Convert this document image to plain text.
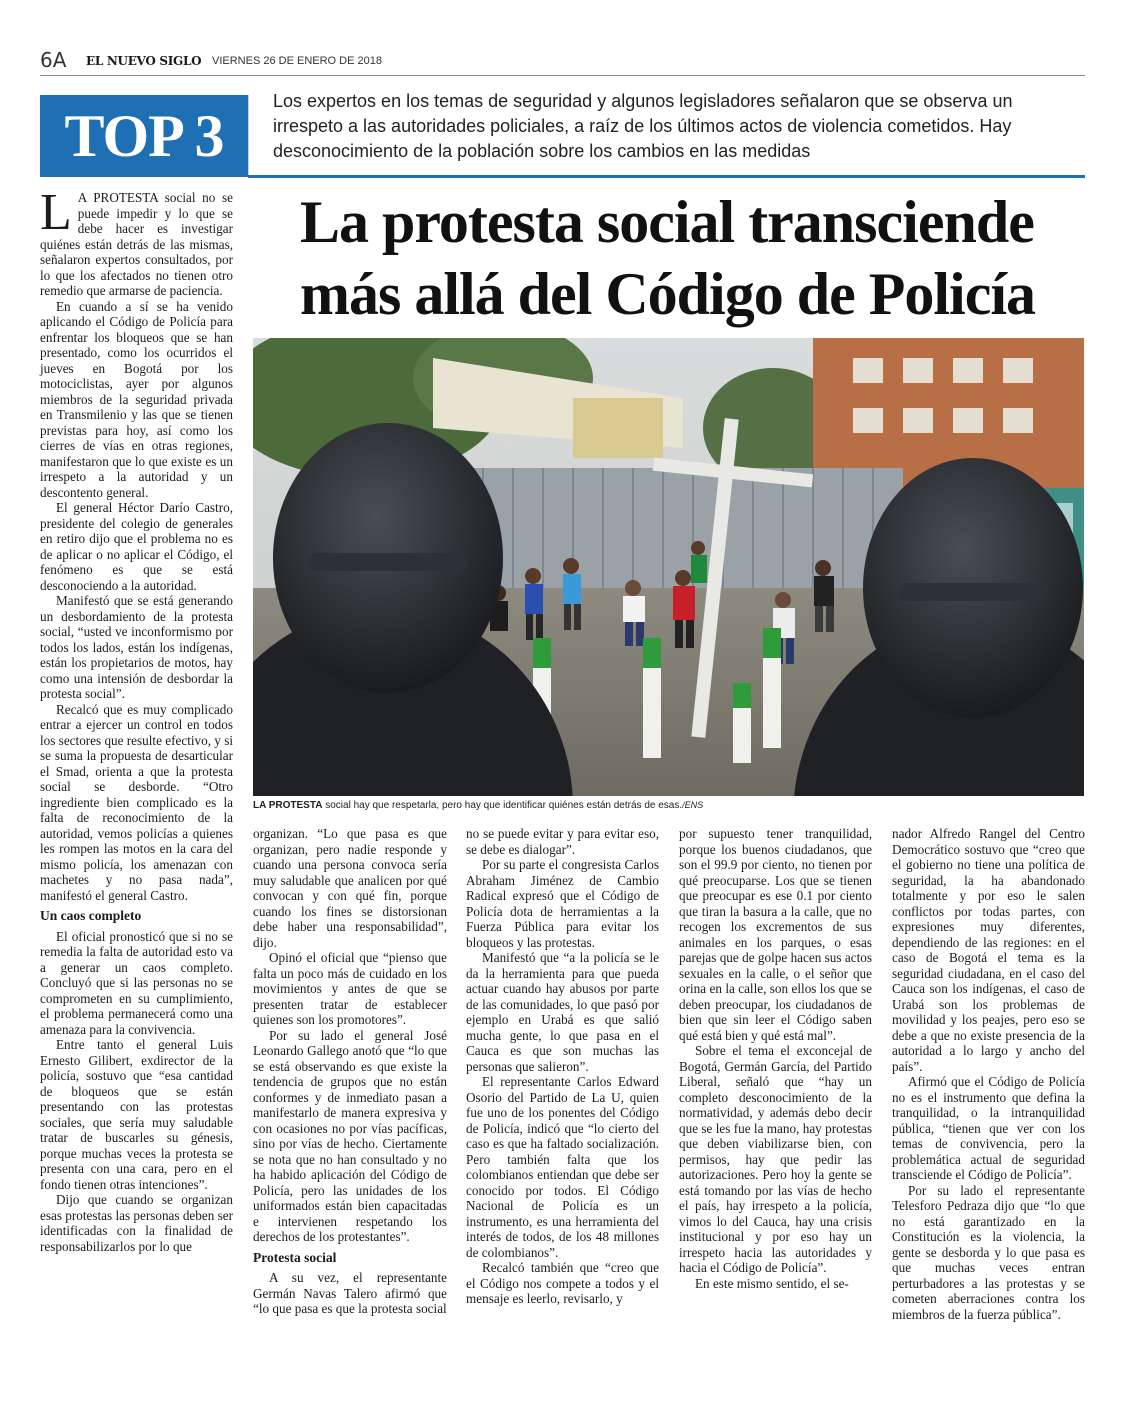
6A EL NUEVO SIGLO VIERNES 26 DE ENERO DE 2018
TOP 3
Los expertos en los temas de seguridad y algunos legisladores señalaron que se observa un irrespeto a las autoridades policiales, a raíz de los últimos actos de violencia cometidos. Hay desconocimiento de la población sobre los cambios en las medidas
La protesta social transciende
más allá del Código de Policía
LA PROTESTA social hay que respetarla, pero hay que identificar quiénes están detrás de esas./ENS

L A PROTESTA social no se puede impedir y lo que se debe hacer es investigar quiénes están detrás de las mismas, señalaron expertos consultados, por lo que los afectados no tienen otro remedio que armarse de paciencia.

En cuando a sí se ha venido aplicando el Código de Policía para enfrentar los bloqueos que se han presentado, como los ocurridos el jueves en Bogotá por los motociclistas, ayer por algunos miembros de la seguridad privada en Transmilenio y las que se tienen previstas para hoy, así como los cierres de vías en otras regiones, manifestaron que lo que existe es un irrespeto a la autoridad y un descontento general.

El general Héctor Darío Castro, presidente del colegio de generales en retiro dijo que el problema no es de aplicar o no aplicar el Código, el fenómeno es que se está desconociendo a la autoridad.

Manifestó que se está generando un desbordamiento de la protesta social, “usted ve inconformismo por todos los lados, están los indígenas, están los propietarios de motos, hay como una intensión de desbordar la protesta social”.

Recalcó que es muy complicado entrar a ejercer un control en todos los sectores que resulte efectivo, y si se suma la propuesta de desarticular el Smad, orienta a que la protesta social se desborde. “Otro ingrediente bien complicado es la falta de reconocimiento de la autoridad, vemos policías a quienes les rompen las motos en la cara del mismo policía, los amenazan con machetes y no pasa nada”, manifestó el general Castro.

Un caos completo

El oficial pronosticó que si no se remedia la falta de autoridad esto va a generar un caos completo. Concluyó que si las personas no se comprometen en su cumplimiento, el problema permanecerá como una amenaza para la convivencia.

Entre tanto el general Luis Ernesto Gilibert, exdirector de la policía, sostuvo que “esa cantidad de bloqueos que se están presentando con las protestas sociales, que sería muy saludable tratar de buscarles su génesis, porque muchas veces la protesta se presenta con una cara, pero en el fondo tienen otras intenciones”.

Dijo que cuando se organizan esas protestas las personas deben ser identificadas con la finalidad de responsabilizarlos por lo que

organizan. “Lo que pasa es que organizan, pero nadie responde y cuando una persona convoca sería muy saludable que analicen por qué convocan y con qué fin, porque cuando los fines se distorsionan debe haber una responsabilidad”, dijo.

Opinó el oficial que “pienso que falta un poco más de cuidado en los movimientos y antes de que se presenten tratar de establecer quienes son los promotores”.

Por su lado el general José Leonardo Gallego anotó que “lo que se está observando es que existe la tendencia de grupos que no están conformes y de inmediato pasan a manifestarlo de manera expresiva y con ocasiones no por vías pacíficas, sino por vías de hecho. Ciertamente se nota que no han consultado y no ha habido aplicación del Código de Policía, pero las unidades de los uniformados están bien capacitadas e intervienen respetando los derechos de los protestantes”.

Protesta social

A su vez, el representante Germán Navas Talero afirmó que “lo que pasa es que la protesta social

no se puede evitar y para evitar eso, se debe es dialogar”.

Por su parte el congresista Carlos Abraham Jiménez de Cambio Radical expresó que el Código de Policía dota de herramientas a la Fuerza Pública para evitar los bloqueos y las protestas.

Manifestó que “a la policía se le da la herramienta para que pueda actuar cuando hay abusos por parte de las comunidades, lo que pasó por ejemplo en Urabá es que salió mucha gente, lo que pasa en el Cauca es que son muchas las personas que salieron”.

El representante Carlos Edward Osorio del Partido de La U, quien fue uno de los ponentes del Código de Policía, indicó que “lo cierto del caso es que ha faltado socialización. Pero también falta que los colombianos entiendan que debe ser conocido por todos. El Código Nacional de Policía es un instrumento, es una herramienta del interés de todos, de los 48 millones de colombianos”.

Recalcó también que “creo que el Código nos compete a todos y el mensaje es leerlo, revisarlo, y

por supuesto tener tranquilidad, porque los buenos ciudadanos, que son el 99.9 por ciento, no tienen por qué preocuparse. Los que se tienen que preocupar es ese 0.1 por ciento que tiran la basura a la calle, que no recogen los excrementos de sus animales en los parques, o esas parejas que de golpe hacen sus actos sexuales en la calle, o el señor que orina en la calle, son ellos los que se deben preocupar, los ciudadanos de bien que sin leer el Código saben qué está bien y qué está mal”.

Sobre el tema el exconcejal de Bogotá, Germán García, del Partido Liberal, señaló que “hay un completo desconocimiento de la normatividad, y además debo decir que se les fue la mano, hay protestas que deben viabilizarse bien, con permisos, hay que pedir las autorizaciones. Pero hoy la gente se está tomando por las vías de hecho el país, hay irrespeto a la policía, vimos lo del Cauca, hay una crisis institucional y por eso hay un irrespeto hacia las autoridades y hacia el Código de Policía”.

En este mismo sentido, el se-

nador Alfredo Rangel del Centro Democrático sostuvo que “creo que el gobierno no tiene una política de seguridad, la ha abandonado totalmente y por eso le salen conflictos por todas partes, con expresiones muy diferentes, dependiendo de las regiones: en el caso de Bogotá el tema es la seguridad ciudadana, en el caso del Cauca son los indígenas, el caso de Urabá son los problemas de movilidad y los peajes, pero eso se debe a que no existe presencia de la autoridad a lo largo y ancho del país”.

Afirmó que el Código de Policía no es el instrumento que defina la tranquilidad, o la intranquilidad pública, “tienen que ver con los temas de convivencia, pero la problemática actual de seguridad transciende el Código de Policía”.

Por su lado el representante Telesforo Pedraza dijo que “lo que no está garantizado en la Constitución es la violencia, la gente se desborda y lo que pasa es que muchas veces entran perturbadores a las protestas y se cometen aberraciones contra los miembros de la fuerza pública”.
